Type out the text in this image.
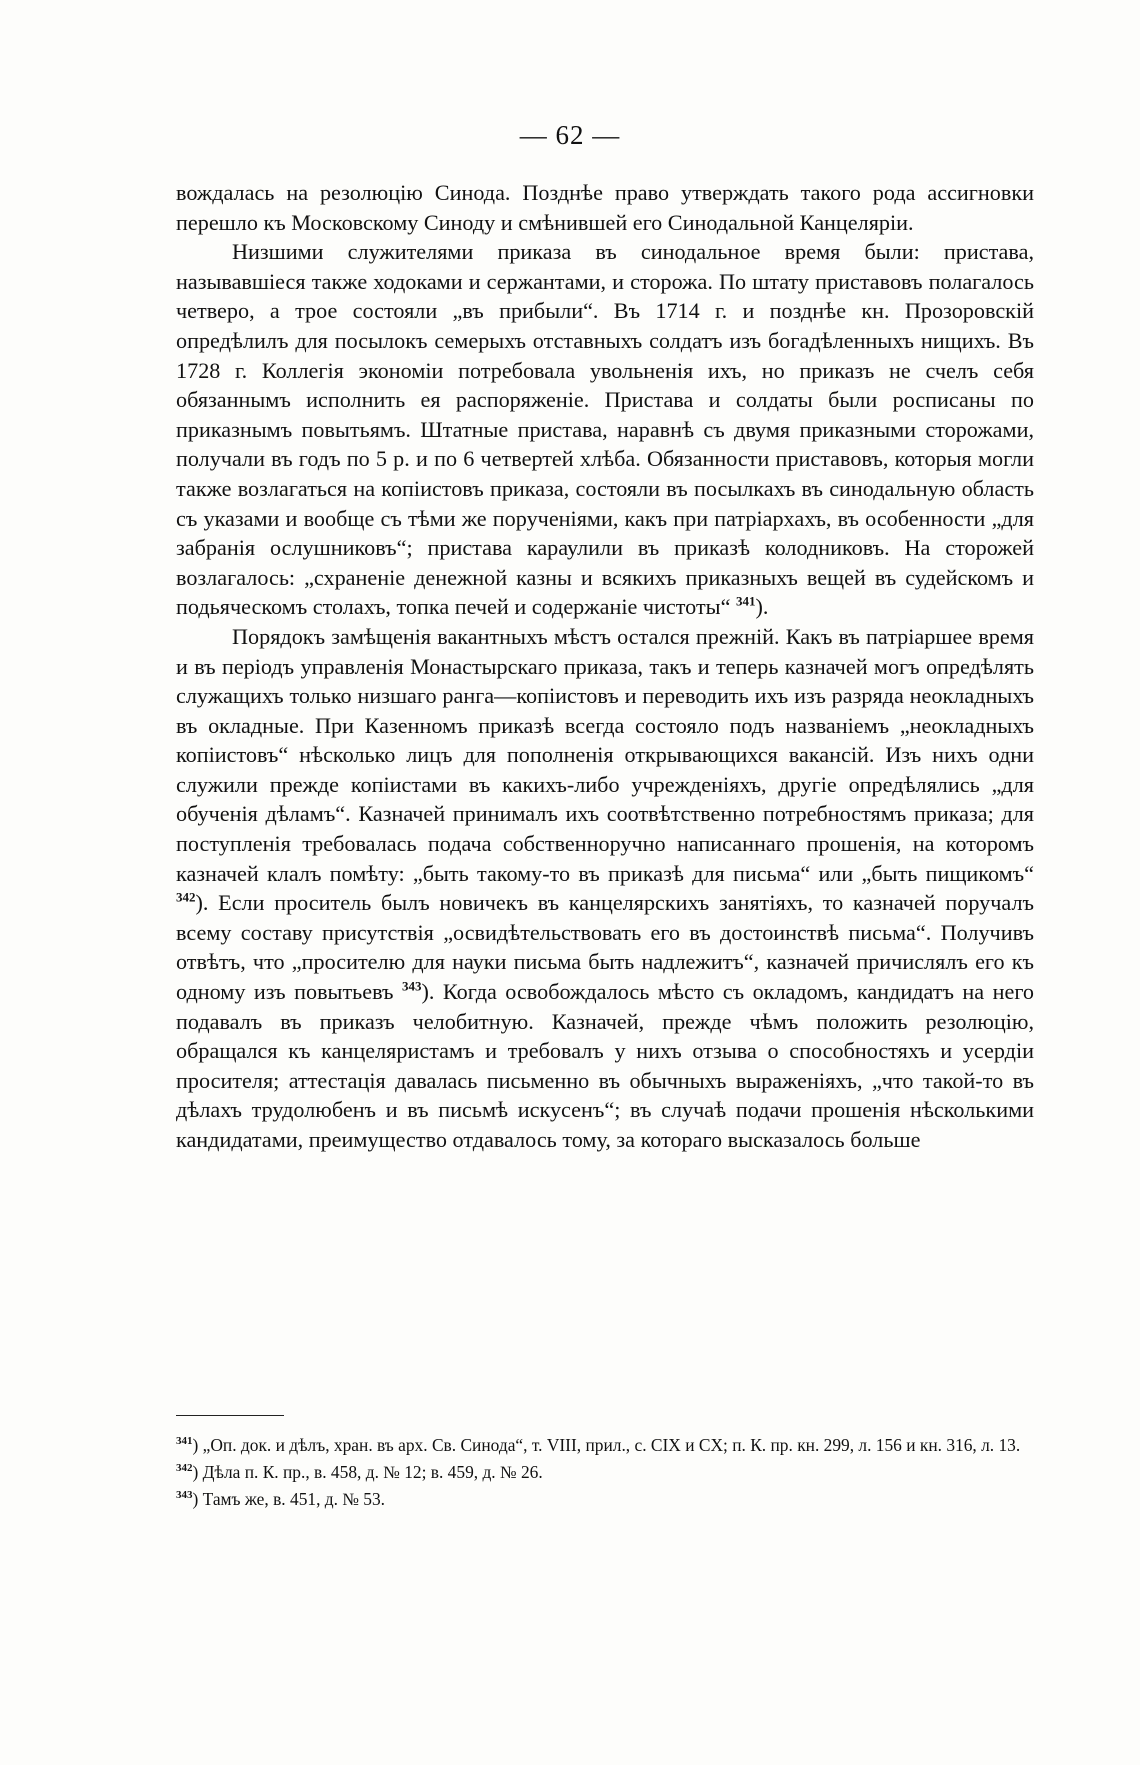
— 62 —

вождалась на резолюцію Синода. Позднѣе право утверждать такого рода ассигновки перешло къ Московскому Синоду и смѣнившей его Синодальной Канцеляріи.

Низшими служителями приказа въ синодальное время были: пристава, называвшіеся также ходоками и сержантами, и сторожа. По штату приставовъ полагалось четверо, а трое состояли „въ прибыли“. Въ 1714 г. и позднѣе кн. Прозоровскій опредѣлилъ для посылокъ семерыхъ отставныхъ солдатъ изъ богадѣленныхъ нищихъ. Въ 1728 г. Коллегія экономіи потребовала увольненія ихъ, но приказъ не счелъ себя обязаннымъ исполнить ея распоряженіе. Пристава и солдаты были росписаны по приказнымъ повытьямъ. Штатные пристава, наравнѣ съ двумя приказными сторожами, получали въ годъ по 5 р. и по 6 четвертей хлѣба. Обязанности приставовъ, которыя могли также возлагаться на копіистовъ приказа, состояли въ посылкахъ въ синодальную область съ указами и вообще съ тѣми же порученіями, какъ при патріархахъ, въ особенности „для забранія ослушниковъ“; пристава караулили въ приказѣ колодниковъ. На сторожей возлагалось: „схраненіе денежной казны и всякихъ приказныхъ вещей въ судейскомъ и подьяческомъ столахъ, топка печей и содержаніе чистоты“ $^{341}$).

Порядокъ замѣщенія вакантныхъ мѣстъ остался прежній. Какъ въ патріаршее время и въ періодъ управленія Монастырскаго приказа, такъ и теперь казначей могъ опредѣлять служащихъ только низшаго ранга—копіистовъ и переводить ихъ изъ разряда неокладныхъ въ окладные. При Казенномъ приказѣ всегда состояло подъ названіемъ „неокладныхъ копіистовъ“ нѣсколько лицъ для пополненія открывающихся вакансій. Изъ нихъ одни служили прежде копіистами въ какихъ-либо учрежденіяхъ, другіе опредѣлялись „для обученія дѣламъ“. Казначей принималъ ихъ соотвѣтственно потребностямъ приказа; для поступленія требовалась подача собственноручно написаннаго прошенія, на которомъ казначей клалъ помѣту: „быть такому-то въ приказѣ для письма“ или „быть пищикомъ“ $^{342}$). Если проситель былъ новичекъ въ канцелярскихъ занятіяхъ, то казначей поручалъ всему составу присутствія „освидѣтельствовать его въ достоинствѣ письма“. Получивъ отвѣтъ, что „просителю для науки письма быть надлежитъ“, казначей причислялъ его къ одному изъ повытьевъ $^{343}$). Когда освобождалось мѣсто съ окладомъ, кандидатъ на него подавалъ въ приказъ челобитную. Казначей, прежде чѣмъ положить резолюцію, обращался къ канцеляристамъ и требовалъ у нихъ отзыва о способностяхъ и усердіи просителя; аттестація давалась письменно въ обычныхъ выраженіяхъ, „что такой-то въ дѣлахъ трудолюбенъ и въ письмѣ искусенъ“; въ случаѣ подачи прошенія нѣсколькими кандидатами, преимущество отдавалось тому, за котораго высказалось больше

$^{341}$) „Оп. док. и дѣлъ, хран. въ арх. Св. Синода“, т. VIII, прил., с. CIX и CX; п. К. пр. кн. 299, л. 156 и кн. 316, л. 13.

$^{342}$) Дѣла п. К. пр., в. 458, д. № 12; в. 459, д. № 26.

$^{343}$) Тамъ же, в. 451, д. № 53.
